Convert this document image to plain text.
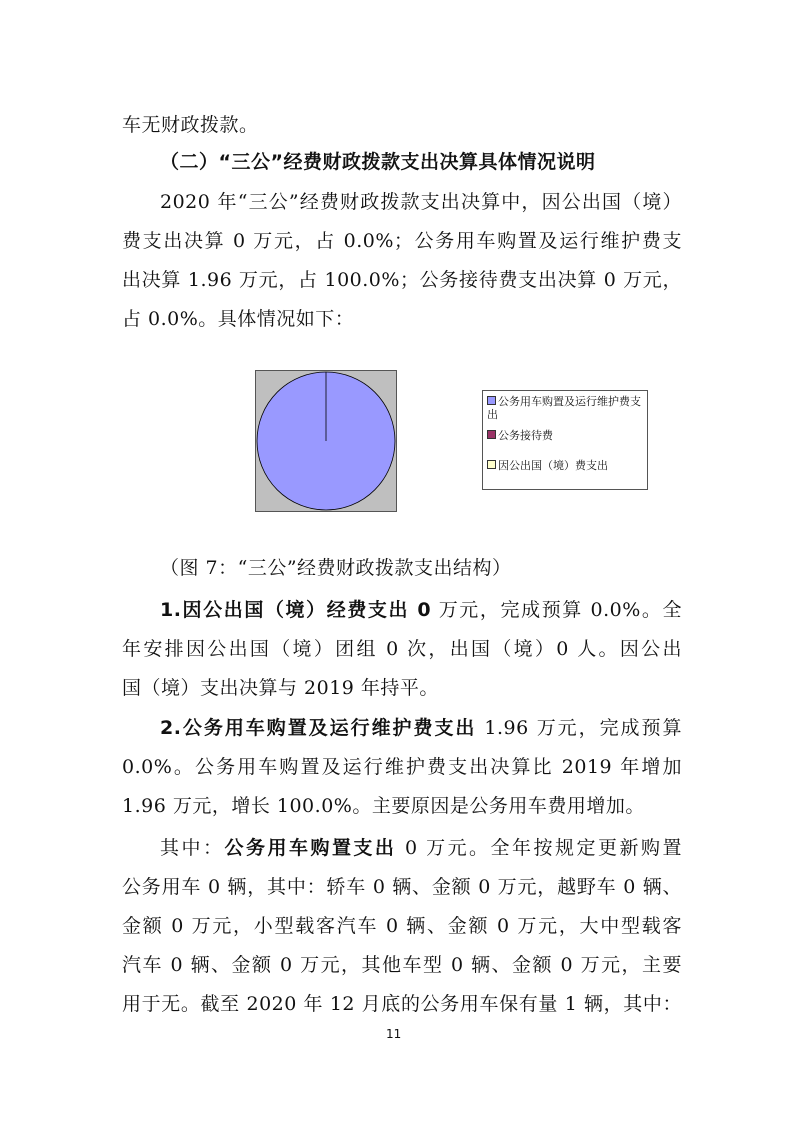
车无财政拨款。
（二）“三公”经费财政拨款支出决算具体情况说明
2020 年“三公”经费财政拨款支出决算中，因公出国（境）
费支出决算 0 万元，占 0.0%；公务用车购置及运行维护费支
出决算 1.96 万元，占 100.0%；公务接待费支出决算 0 万元，
占 0.0%。具体情况如下：
公务用车购置及运行维护费支出
公务接待费
因公出国（境）费支出
（图 7：“三公”经费财政拨款支出结构）
1.因公出国（境）经费支出 0 万元，完成预算 0.0%。全
年安排因公出国（境）团组 0 次，出国（境）0 人。因公出
国（境）支出决算与 2019 年持平。
2.公务用车购置及运行维护费支出 1.96 万元，完成预算
0.0%。公务用车购置及运行维护费支出决算比 2019 年增加
1.96 万元，增长 100.0%。主要原因是公务用车费用增加。
其中：公务用车购置支出 0 万元。全年按规定更新购置
公务用车 0 辆，其中：轿车 0 辆、金额 0 万元，越野车 0 辆、
金额 0 万元，小型载客汽车 0 辆、金额 0 万元，大中型载客
汽车 0 辆、金额 0 万元，其他车型 0 辆、金额 0 万元，主要
用于无。截至 2020 年 12 月底的公务用车保有量 1 辆，其中：
11
